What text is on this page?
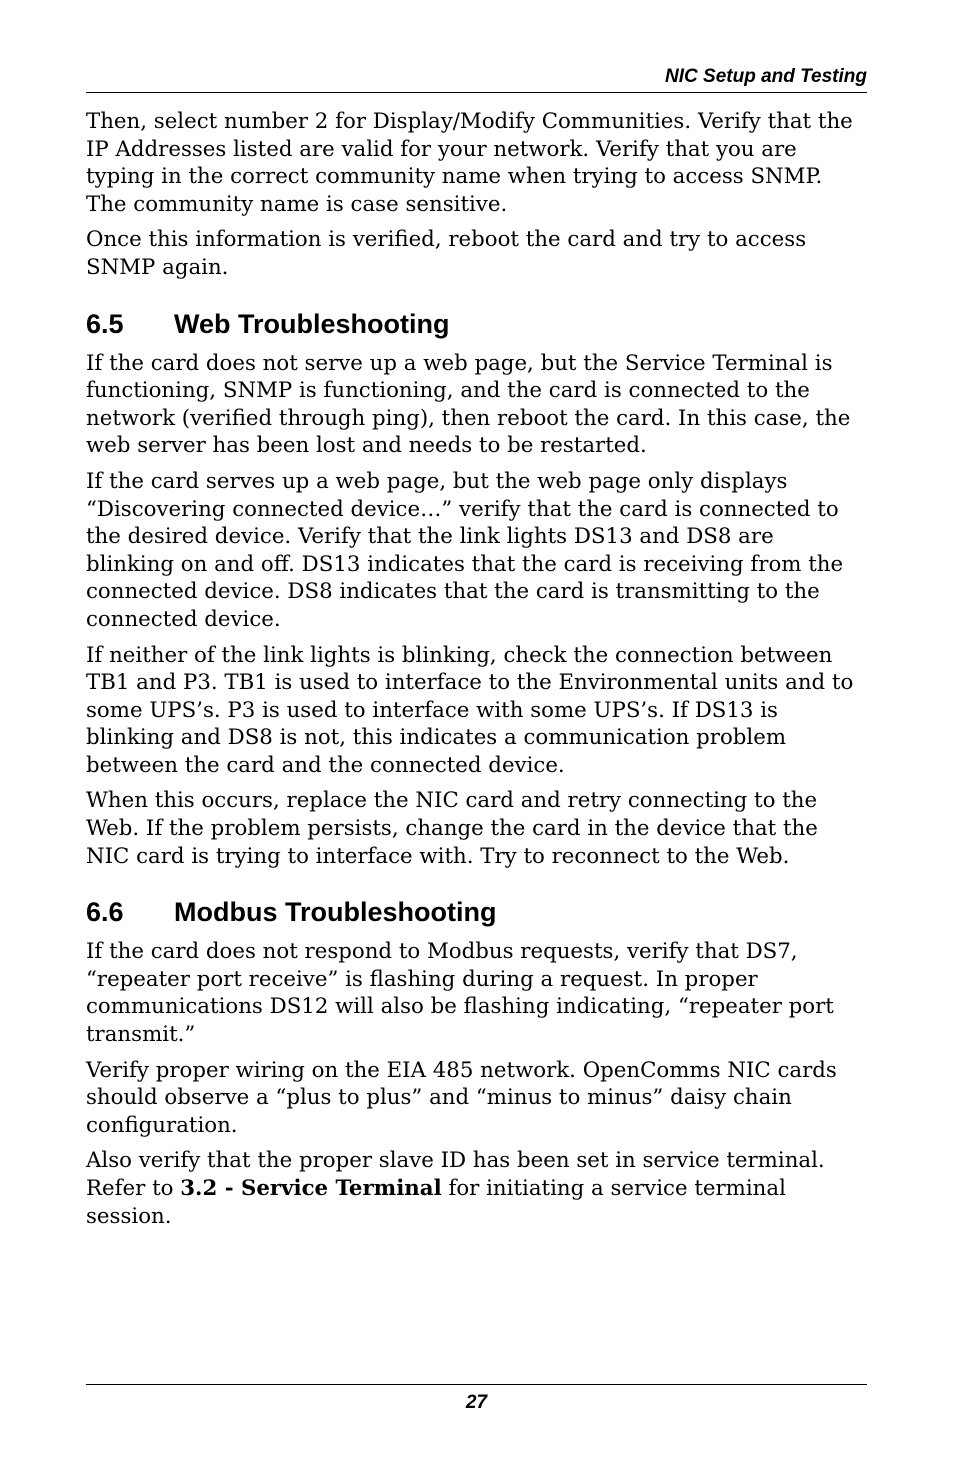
NIC Setup and Testing

Then, select number 2 for Display/Modify Communities. Verify that the IP Addresses listed are valid for your network. Verify that you are typing in the correct community name when trying to access SNMP. The community name is case sensitive.

Once this information is verified, reboot the card and try to access SNMP again.

6.5 Web Troubleshooting

If the card does not serve up a web page, but the Service Terminal is functioning, SNMP is functioning, and the card is connected to the network (verified through ping), then reboot the card. In this case, the web server has been lost and needs to be restarted.

If the card serves up a web page, but the web page only displays “Discovering connected device…” verify that the card is connected to the desired device. Verify that the link lights DS13 and DS8 are blinking on and off. DS13 indicates that the card is receiving from the connected device. DS8 indicates that the card is transmitting to the connected device.

If neither of the link lights is blinking, check the connection between TB1 and P3. TB1 is used to interface to the Environmental units and to some UPS’s. P3 is used to interface with some UPS’s. If DS13 is blinking and DS8 is not, this indicates a communication problem between the card and the connected device.

When this occurs, replace the NIC card and retry connecting to the Web. If the problem persists, change the card in the device that the NIC card is trying to interface with. Try to reconnect to the Web.

6.6 Modbus Troubleshooting

If the card does not respond to Modbus requests, verify that DS7, “repeater port receive” is flashing during a request. In proper communications DS12 will also be flashing indicating, “repeater port transmit.”

Verify proper wiring on the EIA 485 network. OpenComms NIC cards should observe a “plus to plus” and “minus to minus” daisy chain configuration.

Also verify that the proper slave ID has been set in service terminal. Refer to 3.2 - Service Terminal for initiating a service terminal session.

27
